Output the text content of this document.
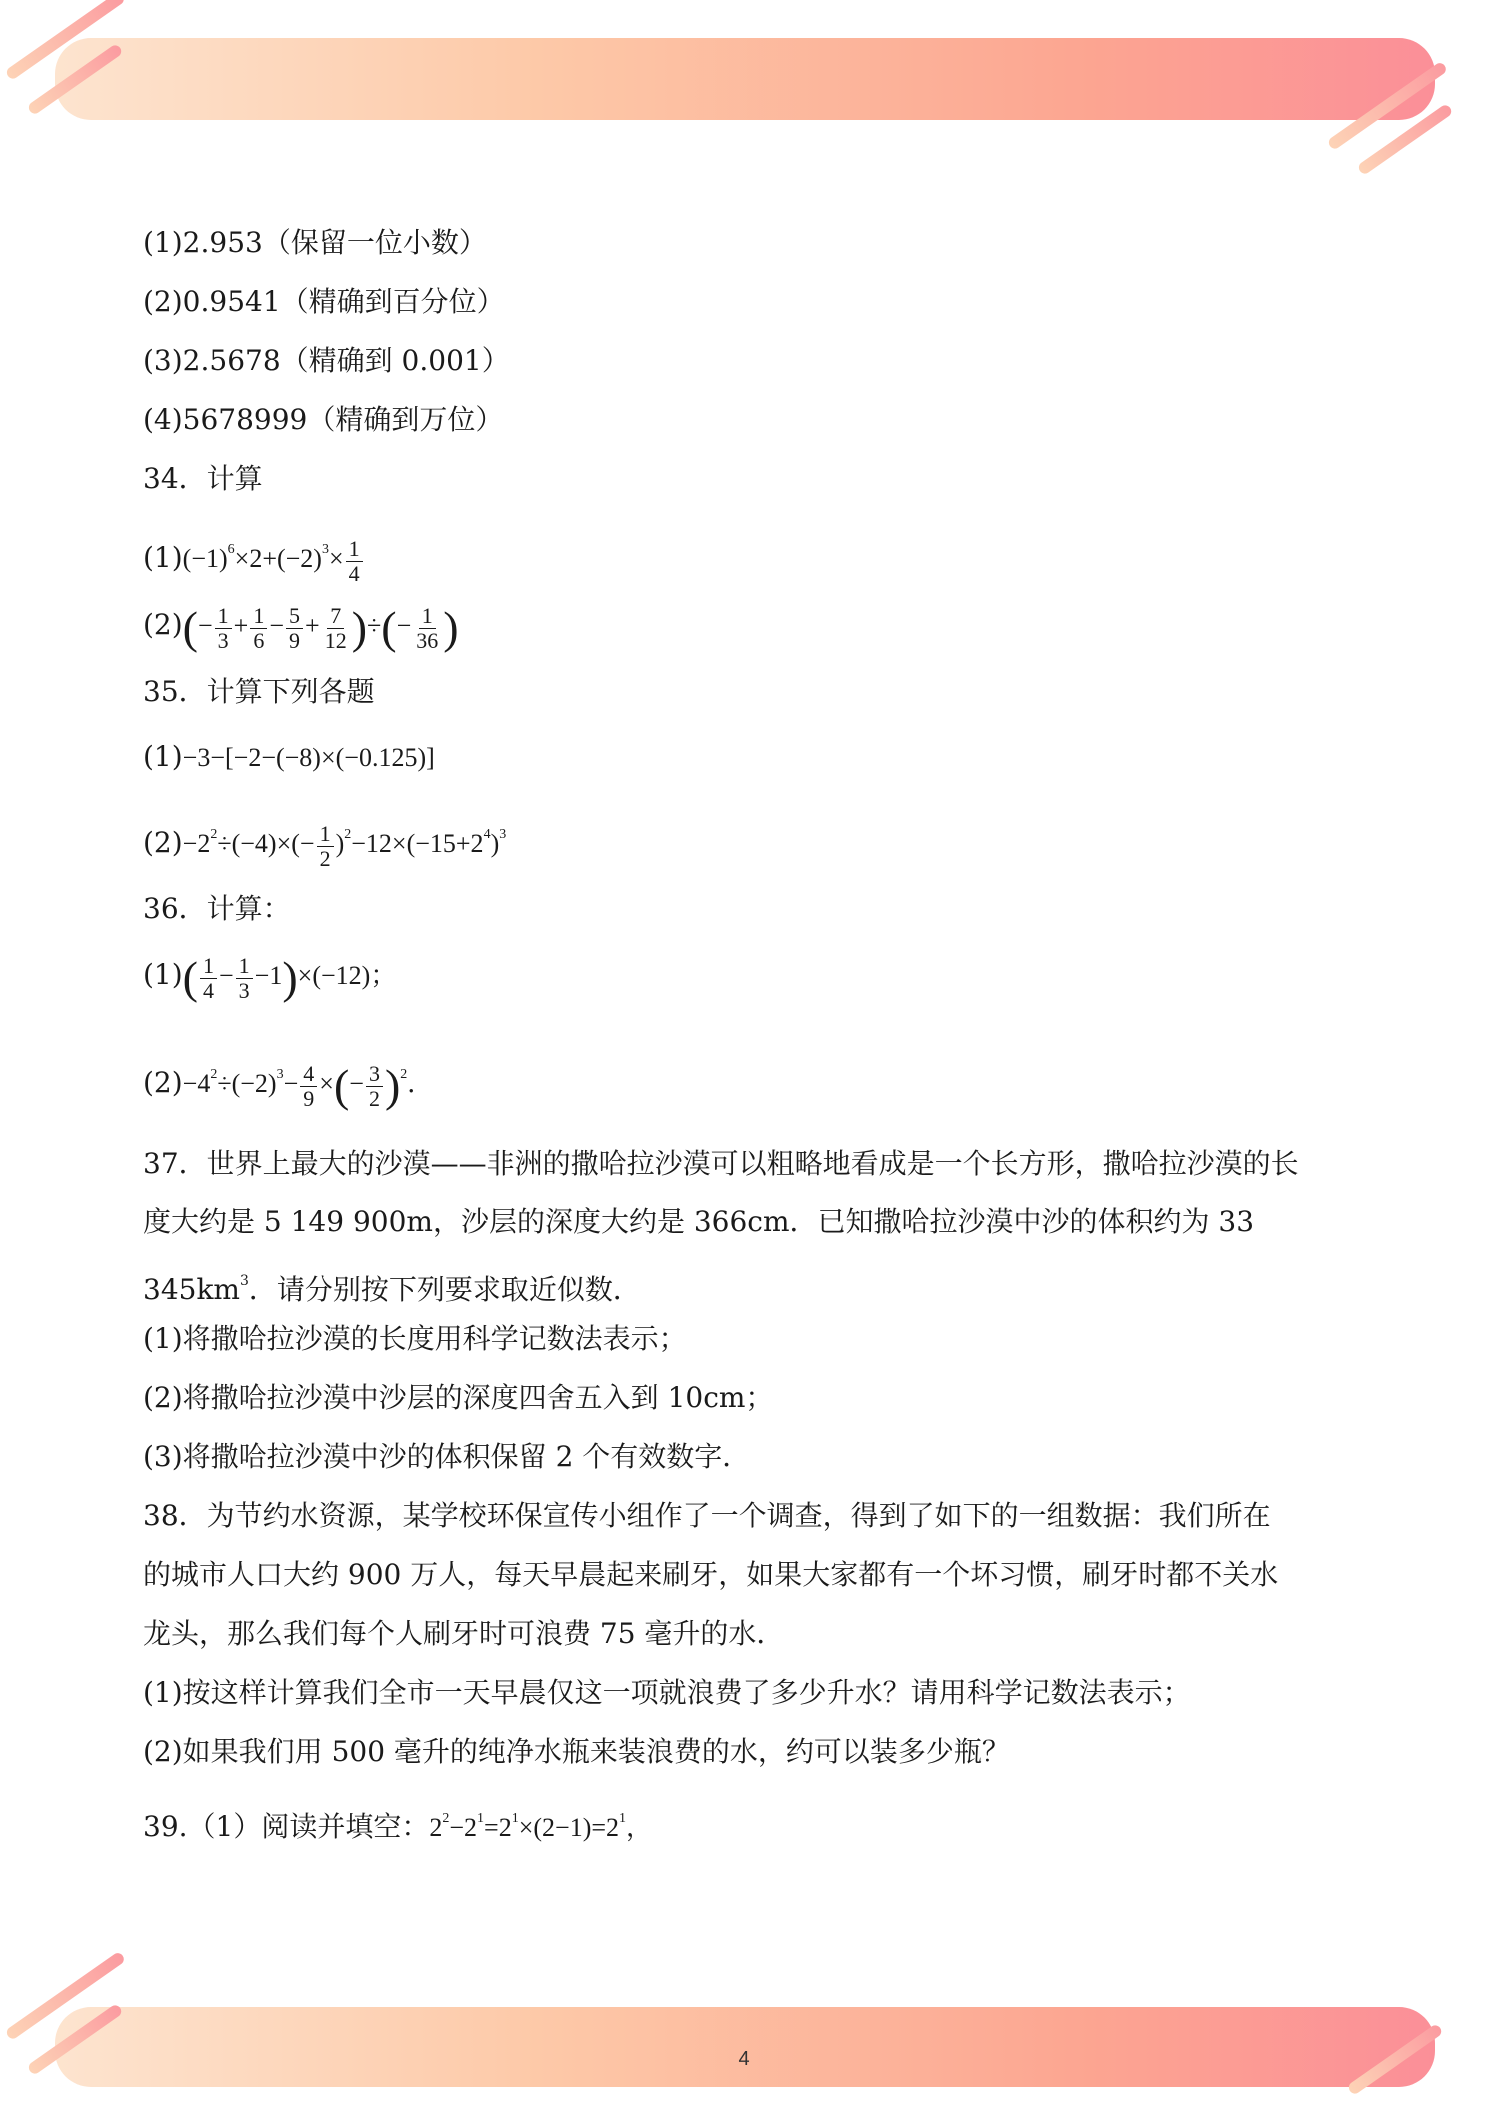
(1)2.953（保留一位小数）
(2)0.9541（精确到百分位）
(3)2.5678（精确到 0.001）
(4)5678999（精确到万位）
34．计算
$(1)(-1)^6\times 2+(-2)^3\times \frac{1}{4}$
$(2)(- \frac{1}{3} + \frac{1}{6} - \frac{5}{9} + \frac{7}{12}$ )÷(− $\frac{1}{36}$ )
35．计算下列各题
(1)−3−[−2−(−8)×(−0.125)]
$(2)-2^2\div(-4)\times(- \frac{1}{2} )^2-12\times(-15+2^4)^3$
36．计算：
$(1)( \frac{1}{4} - \frac{1}{3} -1)\times(-12)$；
$(2)-4^2\div(-2)^3- \frac{4}{9}$ ×(− $\frac{3}{2} )^2$．
37．世界上最大的沙漠——非洲的撒哈拉沙漠可以粗略地看成是一个长方形，撒哈拉沙漠的长
度大约是 5 149 900m，沙层的深度大约是 366cm．已知撒哈拉沙漠中沙的体积约为 33
$345km^3$．请分别按下列要求取近似数．
(1)将撒哈拉沙漠的长度用科学记数法表示；
(2)将撒哈拉沙漠中沙层的深度四舍五入到 10cm；
(3)将撒哈拉沙漠中沙的体积保留 2 个有效数字．
38．为节约水资源，某学校环保宣传小组作了一个调查，得到了如下的一组数据：我们所在
的城市人口大约 900 万人，每天早晨起来刷牙，如果大家都有一个坏习惯，刷牙时都不关水
龙头，那么我们每个人刷牙时可浪费 75 毫升的水．
(1)按这样计算我们全市一天早晨仅这一项就浪费了多少升水？请用科学记数法表示；
(2)如果我们用 500 毫升的纯净水瓶来装浪费的水，约可以装多少瓶？
39.（1）阅读并填空：$2^2-2^1=2^1\times(2-1)=2^1$，
4
